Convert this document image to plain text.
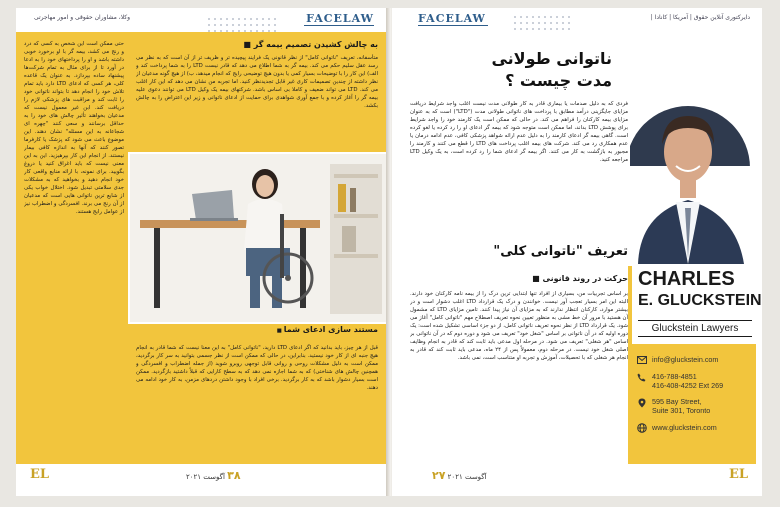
وکلا، مشاوران حقوقی و امور مهاجرتی	FACELAW
به چالش کشیدن تصمیم بیمه گر ■
متأسفانه، تعریف "ناتوانی کامل" از نظر قانونی یک فرایند پیچیده تر و ظریف تر از آن است که به نظر می رسد عقل سلیم حکم می کند. بیمه گر به شما اطلاع می دهد که قادر نیست LTD را به شما پرداخت کند و الف) این کار را با توضیحات بسیار کمی یا بدون هیچ توضیحی رایج که انجام میدهد، ب) از هیچ گونه مدعیان از نظر داشته از چندین تصمیمات کاری غیر قابل تجدیدنظر کنید. اما تجربه من نشان می دهد که این کار اغلب می کند. LTD می تواند ضعیف و کاملا بی اساس باشد. شرکتهای بیمه یک وکیل LTD می توانند دعوی علیه بیمه گر را آغاز کرده و با جمع آوری شواهدی برای حمایت از ادعای ناتوانی و زیر این اعتراض را به چالش بکشد.
حتی ممکن است این شخص به کسی که درد و رنج می کشد، بیمه گر با او برخورد خوبی داشته باشد و او را پرداختهای خود را به ادعا در آورد تا از برای مثال به تمام شرکت‌ها پیشنهاد ساده بپردازد. به عنوان یک قاعده کلی، هر کسی که ادعای LTD دارد باید تمام تلاش خود را انجام دهد تا بتواند ناتوانی خود را ثابت کند و مراقبت های پزشکی لازم را دریافت کند. ابن غیر معمول نیست که مدعیان بخواهند تأثیر چالش های خود را به حداقل برسانند و سعی کنند "چهره ای شجاعانه به این مسئله" نشان دهند. این موضوع باعث می شود که پزشک یا کارفرما تصور کنند که آنها به اندازه کافی بیمار نیستند. از انجام این کار بپرهیزید. این به این معنی نیست که باید اغراق کنید یا دروغ بگویید. برای نمونه، با ارائه منابع واقعی کار خود انجام دهید و بخواهید که به مشکلات جدی سلامتی تبدیل شود. اختلال خواب یکی از شایع ترین ناتوانی هایی است که مدعیان از آن رنج می برند. افسردگی و اضطراب نیز از عوامل رایج هستند.
مستند سازی ادعای شما ■
قبل از هر چیز، باید بدانید که اگر ادعای LTD دارید، "ناتوانی کامل" به این معنا نیست که شما قادر به انجام هیچ جنبه ای از کار خود نیستید. بنابراین، در حالی که ممکن است از نظر جسمی بتوانید به سر کار برگردید، ممکن است به دلیل مشکلات روحی و روانی قابل توجهی روبرو شوید (از جمله اضطراب و افسردگی و همچنین چالش های شناختی) که به شما اجازه نمی دهد که به سطح کارایی که قبلاً داشتید بازگردید. ممکن است بسیار دشوار باشد که به کار برگردید. برخی افراد با وجود داشتن دردهای مزمن، به کار خود ادامه می دهند.
EL	۳۸ آگوست ۲۰۲۱
FACELAW	دایرکتوری آنلاین حقوق | آمریکا | کانادا |
ناتوانی طولانی مدت چیست ؟
فردی که به دلیل صدمات یا بیماری قادر به کار طولانی مدت نیست اغلب واجد شرایط دریافت مزایای جایگزینی درآمد مطابق با پرداخت های ناتوانی طولانی مدت ("LTD") است که به عنوان مزایای بیمه کارکنان را فراهم می کند. در حالی که ممکن است یک کارمند خود را واجد شرایط برای پوشش LTD بداند، اما ممکن است متوجه شود که بیمه گر ادعای او را رد کرده یا لغو کرده است. گاهی بیمه گر ادعای کارمند را به دلیل عدم ارائه شواهد پزشکی کافی، عدم ادامه درمان یا عدم همکاری رد می کند. شرکت های بیمه اغلب پرداخت های LTD را قطع می کنند و کارمند را مجبور به بازگشت به کار می کنند. اگر بیمه گر ادعای شما را رد کرده است، به یک وکیل LTD مراجعه کنید.
تعریف "ناتوانی کلی"
حرکت در روند قانونی ■
بر اساس تجربیات من، بسیاری از افراد تنها ابتدایی ترین درک را از بیمه نامه کارکنان خود دارند. البته این امر بسیار تعجب آور نیست. خوانندن و درک یک قرارداد LTD اغلب دشوار است و در بیشتر موارد، کارکنان انتظار ندارند که به مزایای آن نیاز پیدا کنند. تامین مزایای LTD که مشمول آن هستید با مرور آن خط مشی به منظور تعیین نحوه تعریف اصطلاح مهم "ناتوانی کامل" آغاز می شود. یک قرارداد LTD از نظر نحوه تعریف ناتوانی کامل، از دو جزء اساسی تشکیل شده است: یک دوره اولیه که در آن ناتوانی بر اساس "شغل خود" تعریف می شود و دوره دوم که در آن ناتوانی بر اساس "هر شغلی" تعریف می شود. در مرحله اول مدعی باید ثابت کند که قادر به انجام وظایف اصلی شغل خود نیست. در مرحله دوم، معمولاً پس از ۲۴ ماه، مدعی باید ثابت کند که قادر به انجام هر شغلی که با تحصیلات، آموزش و تجربه او متناسب است، نمی باشد.
CHARLES
E. GLUCKSTEIN
Gluckstein Lawyers
info@gluckstein.com
416-788-4851
416-408-4252 Ext 269
595 Bay Street,
Suite 301, Toronto
www.gluckstein.com
EL
آگوست ۲۰۲۱ ۲۷
